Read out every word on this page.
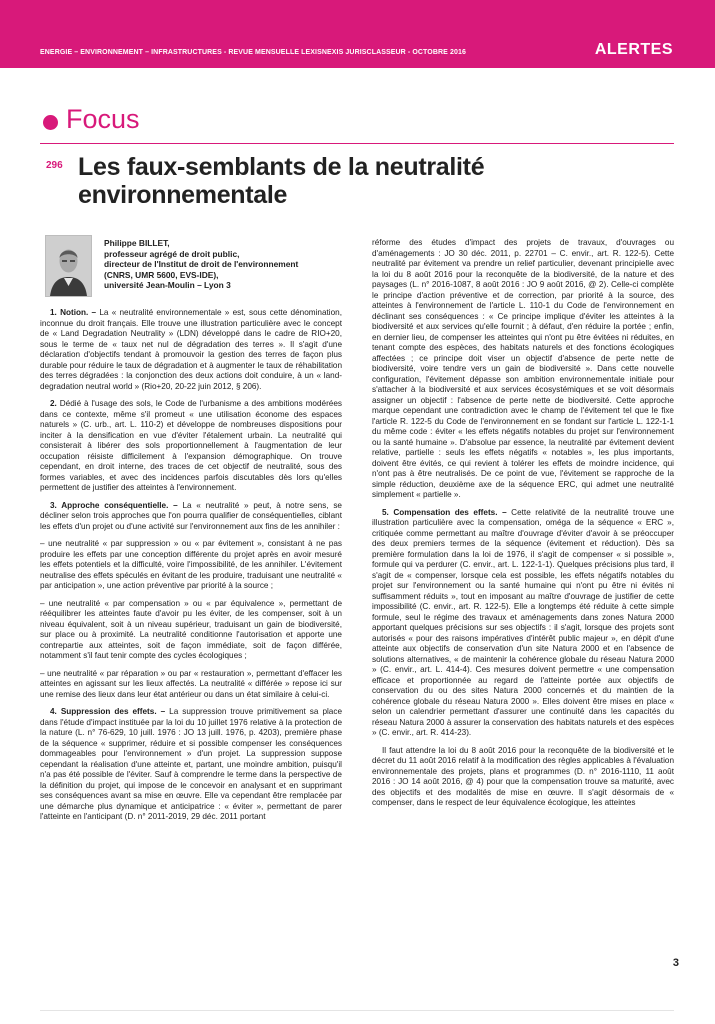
ENERGIE – ENVIRONNEMENT – INFRASTRUCTURES - REVUE MENSUELLE LEXISNEXIS JURISCLASSEUR - OCTOBRE 2016	ALERTES
Focus
296 Les faux-semblants de la neutralité environnementale
Philippe BILLET,
professeur agrégé de droit public,
directeur de l'Institut de droit de l'environnement
(CNRS, UMR 5600, EVS-IDE),
université Jean-Moulin – Lyon 3

1. Notion. – La « neutralité environnementale » est, sous cette dénomination, inconnue du droit français. Elle trouve une illustration particulière avec le concept de « Land Degradation Neutrality » (LDN) développé dans le cadre de RIO+20, sous le terme de « taux net nul de dégradation des terres ». Il s'agit d'une déclaration d'objectifs tendant à promouvoir la gestion des terres de façon plus durable pour réduire le taux de dégradation et à augmenter le taux de réhabilitation des terres dégradées : la conjonction des deux actions doit conduire, à un « land-degradation neutral world » (Rio+20, 20-22 juin 2012, § 206).

2. Dédié à l'usage des sols, le Code de l'urbanisme a des ambitions modérées dans ce contexte, même s'il promeut « une utilisation économe des espaces naturels » (C. urb., art. L. 110-2) et développe de nombreuses dispositions pour inciter à la densification en vue d'éviter l'étalement urbain. La neutralité qui consisterait à libérer des sols proportionnellement à l'augmentation de leur occupation réisiste difficilement à l'expansion démographique. On trouve cependant, en droit interne, des traces de cet objectif de neutralité, sous des formes variables, et avec des incidences parfois discutables dès lors qu'elles permettent de justifier des atteintes à l'environnement.

3. Approche conséquentielle. – La « neutralité » peut, à notre sens, se décliner selon trois approches que l'on pourra qualifier de conséquentielles, ciblant les effets d'un projet ou d'une activité sur l'environnement aux fins de les annihiler :

– une neutralité « par suppression » ou « par évitement », consistant à ne pas produire les effets par une conception différente du projet après en avoir mesuré les effets potentiels et la difficulté, voire l'impossibilité, de les annihiler. L'évitement neutralise des effets spéculés en évitant de les produire, traduisant une neutralité « par anticipation », une action préventive par priorité à la source ;

– une neutralité « par compensation » ou « par équivalence », permettant de rééquilibrer les atteintes faute d'avoir pu les éviter, de les compenser, soit à un niveau équivalent, soit à un niveau supérieur, traduisant un gain de biodiversité, sur place ou à proximité. La neutralité conditionne l'autorisation et apporte une contrepartie aux atteintes, soit de façon immédiate, soit de façon différée, notamment s'il faut tenir compte des cycles écologiques ;

– une neutralité « par réparation » ou par « restauration », permettant d'effacer les atteintes en agissant sur les lieux affectés. La neutralité « différée » repose ici sur une remise des lieux dans leur état antérieur ou dans un état similaire à celui-ci.

4. Suppression des effets. – La suppression trouve primitivement sa place dans l'étude d'impact instituée par la loi du 10 juillet 1976 relative à la protection de la nature (L. n° 76-629, 10 juill. 1976 : JO 13 juill. 1976, p. 4203), première phase de la séquence « supprimer, réduire et si possible compenser les conséquences dommageables pour l'environnement » d'un projet. La suppression suppose cependant la réalisation d'une atteinte et, partant, une moindre ambition, puisqu'il n'a pas été possible de l'éviter. Sauf à comprendre le terme dans la perspective de la définition du projet, qui impose de le concevoir en analysant et en supprimant ses conséquences avant sa mise en œuvre. Elle va cependant être remplacée par une démarche plus dynamique et anticipatrice : « éviter », permettant de parer l'atteinte en l'anticipant (D. n° 2011-2019, 29 déc. 2011 portant

réforme des études d'impact des projets de travaux, d'ouvrages ou d'aménagements : JO 30 déc. 2011, p. 22701 – C. envir., art. R. 122-5). Cette neutralité par évitement va prendre un relief particulier, devenant principielle avec la loi du 8 août 2016 pour la reconquête de la biodiversité, de la nature et des paysages (L. n° 2016-1087, 8 août 2016 : JO 9 août 2016, @ 2). Celle-ci complète le principe d'action préventive et de correction, par priorité à la source, des atteintes à l'environnement de l'article L. 110-1 du Code de l'environnement en déclinant ses conséquences : « Ce principe implique d'éviter les atteintes à la biodiversité et aux services qu'elle fournit ; à défaut, d'en réduire la portée ; enfin, en dernier lieu, de compenser les atteintes qui n'ont pu être évitées ni réduites, en tenant compte des espèces, des habitats naturels et des fonctions écologiques affectées ; ce principe doit viser un objectif d'absence de perte nette de biodiversité, voire tendre vers un gain de biodiversité ». Dans cette nouvelle configuration, l'évitement dépasse son ambition environnementale initiale pour s'attacher à la biodiversité et aux services écosystémiques et se voit désormais assigner un objectif : l'absence de perte nette de biodiversité. Cette approche marque cependant une contradiction avec le champ de l'évitement tel que le fixe l'article R. 122-5 du Code de l'environnement en se fondant sur l'article L. 122-1-1 du même code : éviter « les effets négatifs notables du projet sur l'environnement ou la santé humaine ». D'absolue par essence, la neutralité par évitement devient relative, partielle : seuls les effets négatifs « notables », les plus importants, doivent être évités, ce qui revient à tolérer les effets de moindre incidence, qui n'ont pas à être neutralisés. De ce point de vue, l'évitement se rapproche de la simple réduction, deuxième axe de la séquence ERC, qui admet une neutralité simplement « partielle ».

5. Compensation des effets. – Cette relativité de la neutralité trouve une illustration particulière avec la compensation, oméga de la séquence « ERC », critiquée comme permettant au maître d'ouvrage d'éviter d'avoir à se préoccuper des deux premiers termes de la séquence (évitement et réduction). Dès sa première formulation dans la loi de 1976, il s'agit de compenser « si possible », formule qui va perdurer (C. envir., art. L. 122-1-1). Quelques précisions plus tard, il s'agit de « compenser, lorsque cela est possible, les effets négatifs notables du projet sur l'environnement ou la santé humaine qui n'ont pu être ni évités ni suffisamment réduits », tout en imposant au maître d'ouvrage de justifier de cette impossibilité (C. envir., art. R. 122-5). Elle a longtemps été réduite à cette simple formule, seul le régime des travaux et aménagements dans zones Natura 2000 apportant quelques précisions sur ses objectifs : il s'agit, lorsque des projets sont autorisés « pour des raisons impératives d'intérêt public majeur », en dépit d'une atteinte aux objectifs de conservation d'un site Natura 2000 et en l'absence de solutions alternatives, « de maintenir la cohérence globale du réseau Natura 2000 » (C. envir., art. L. 414-4). Ces mesures doivent permettre « une compensation efficace et proportionnée au regard de l'atteinte portée aux objectifs de conservation du ou des sites Natura 2000 concernés et du maintien de la cohérence globale du réseau Natura 2000 ». Elles doivent être mises en place « selon un calendrier permettant d'assurer une continuité dans les capacités du réseau Natura 2000 à assurer la conservation des habitats naturels et des espèces » (C. envir., art. R. 414-23).

Il faut attendre la loi du 8 août 2016 pour la reconquête de la biodiversité et le décret du 11 août 2016 relatif à la modification des règles applicables à l'évaluation environnementale des projets, plans et programmes (D. n° 2016-1110, 11 août 2016 : JO 14 août 2016, @ 4) pour que la compensation trouve sa maturité, avec des objectifs et des modalités de mise en œuvre. Il s'agit désormais de « compenser, dans le respect de leur équivalence écologique, les atteintes

3
